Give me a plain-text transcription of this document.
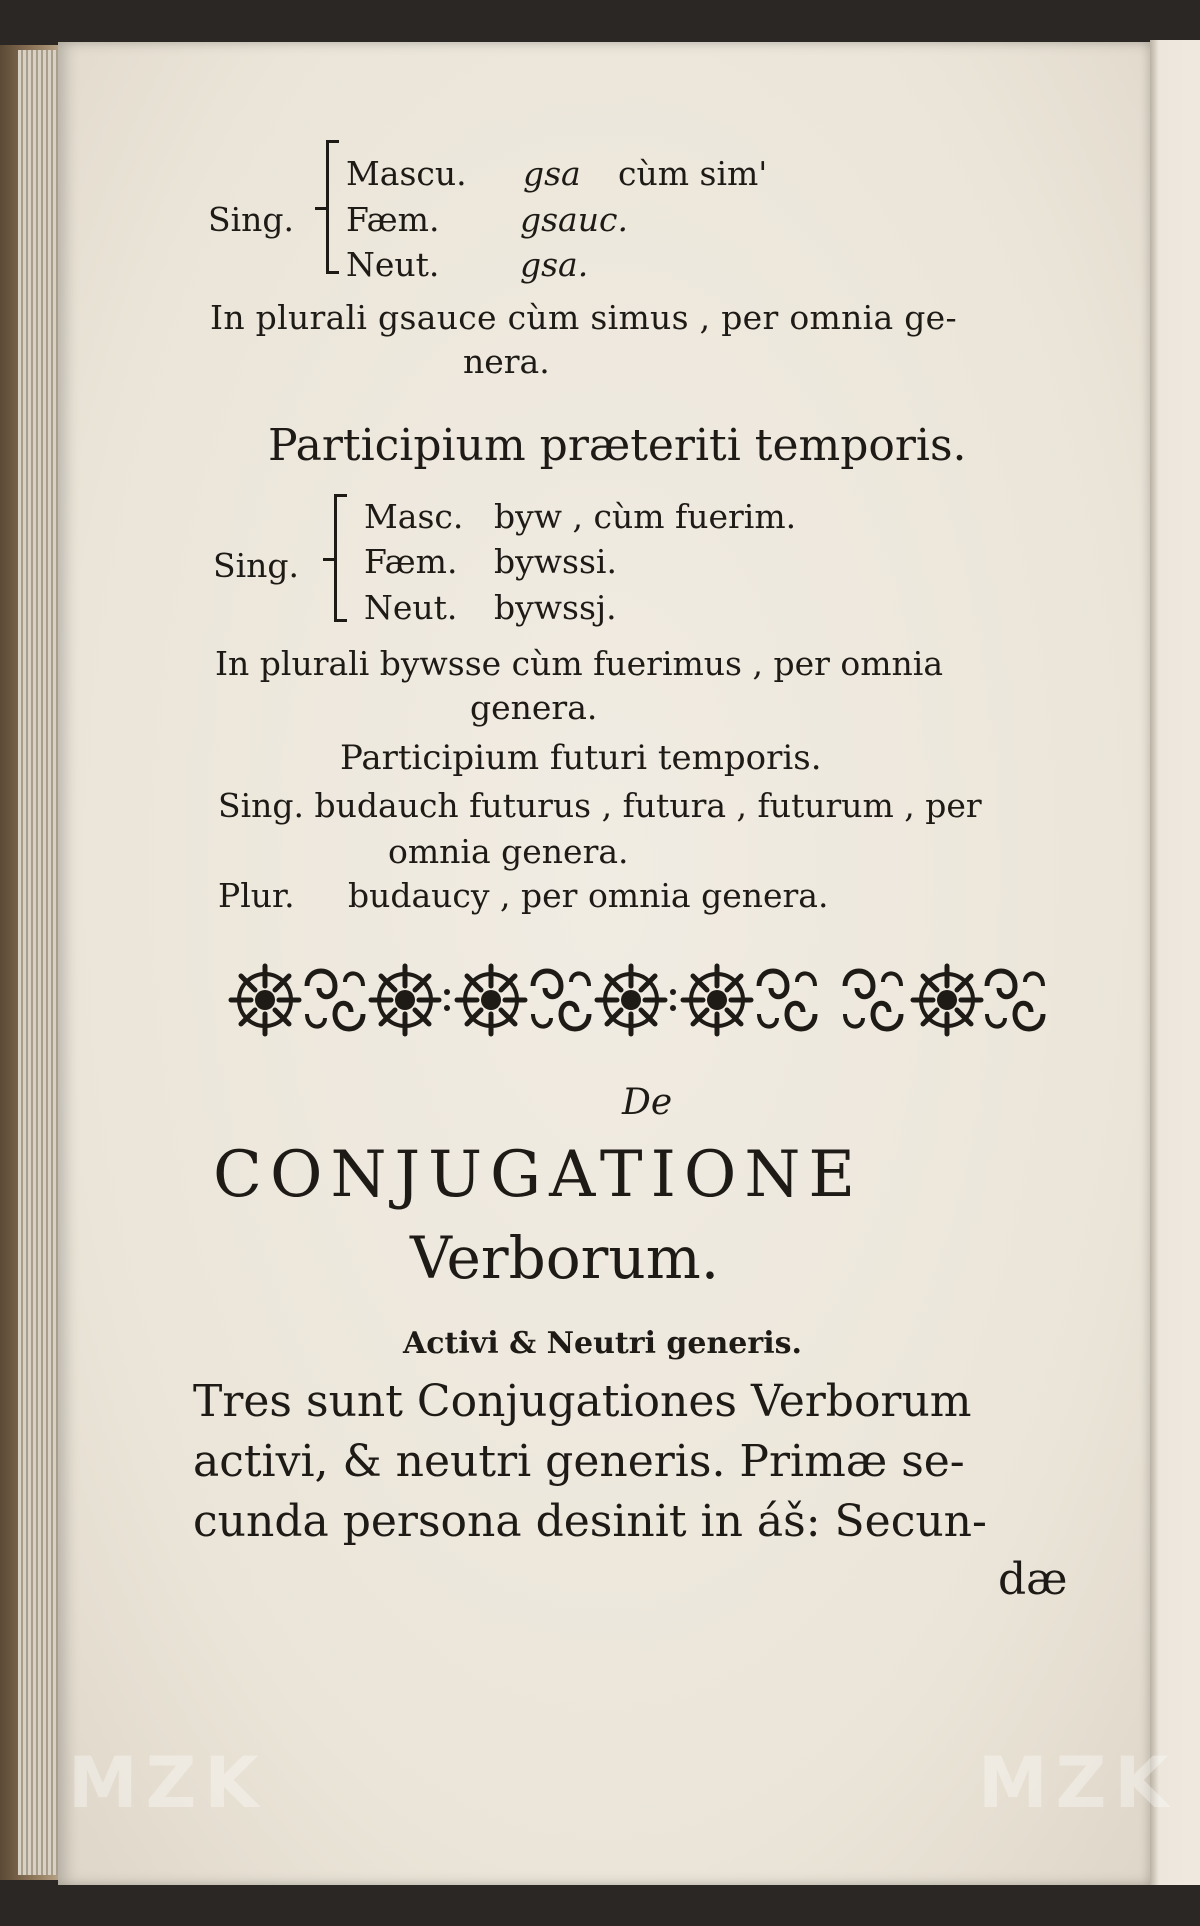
Sing.
Mascu. gsa cùm sim'
Fæm. gsauc.
Neut. gsa.
In plurali gsauce cùm simus , per omnia ge-
nera.
Participium præteriti temporis.
Sing.
Masc. byw , cùm fuerim.
Fæm. bywssi.
Neut. bywssj.
In plurali bywsse cùm fuerimus , per omnia
genera.
Participium futuri temporis.
Sing. budauch futurus , futura , futurum , per
omnia genera.
Plur. budaucy , per omnia genera.
De
CONJUGATIONE
Verborum.
Activi & Neutri generis.
Tres sunt Conjugationes Verborum
activi, & neutri generis. Primæ se-
cunda persona desinit in áš: Secun-
dæ
MZK	MZK
